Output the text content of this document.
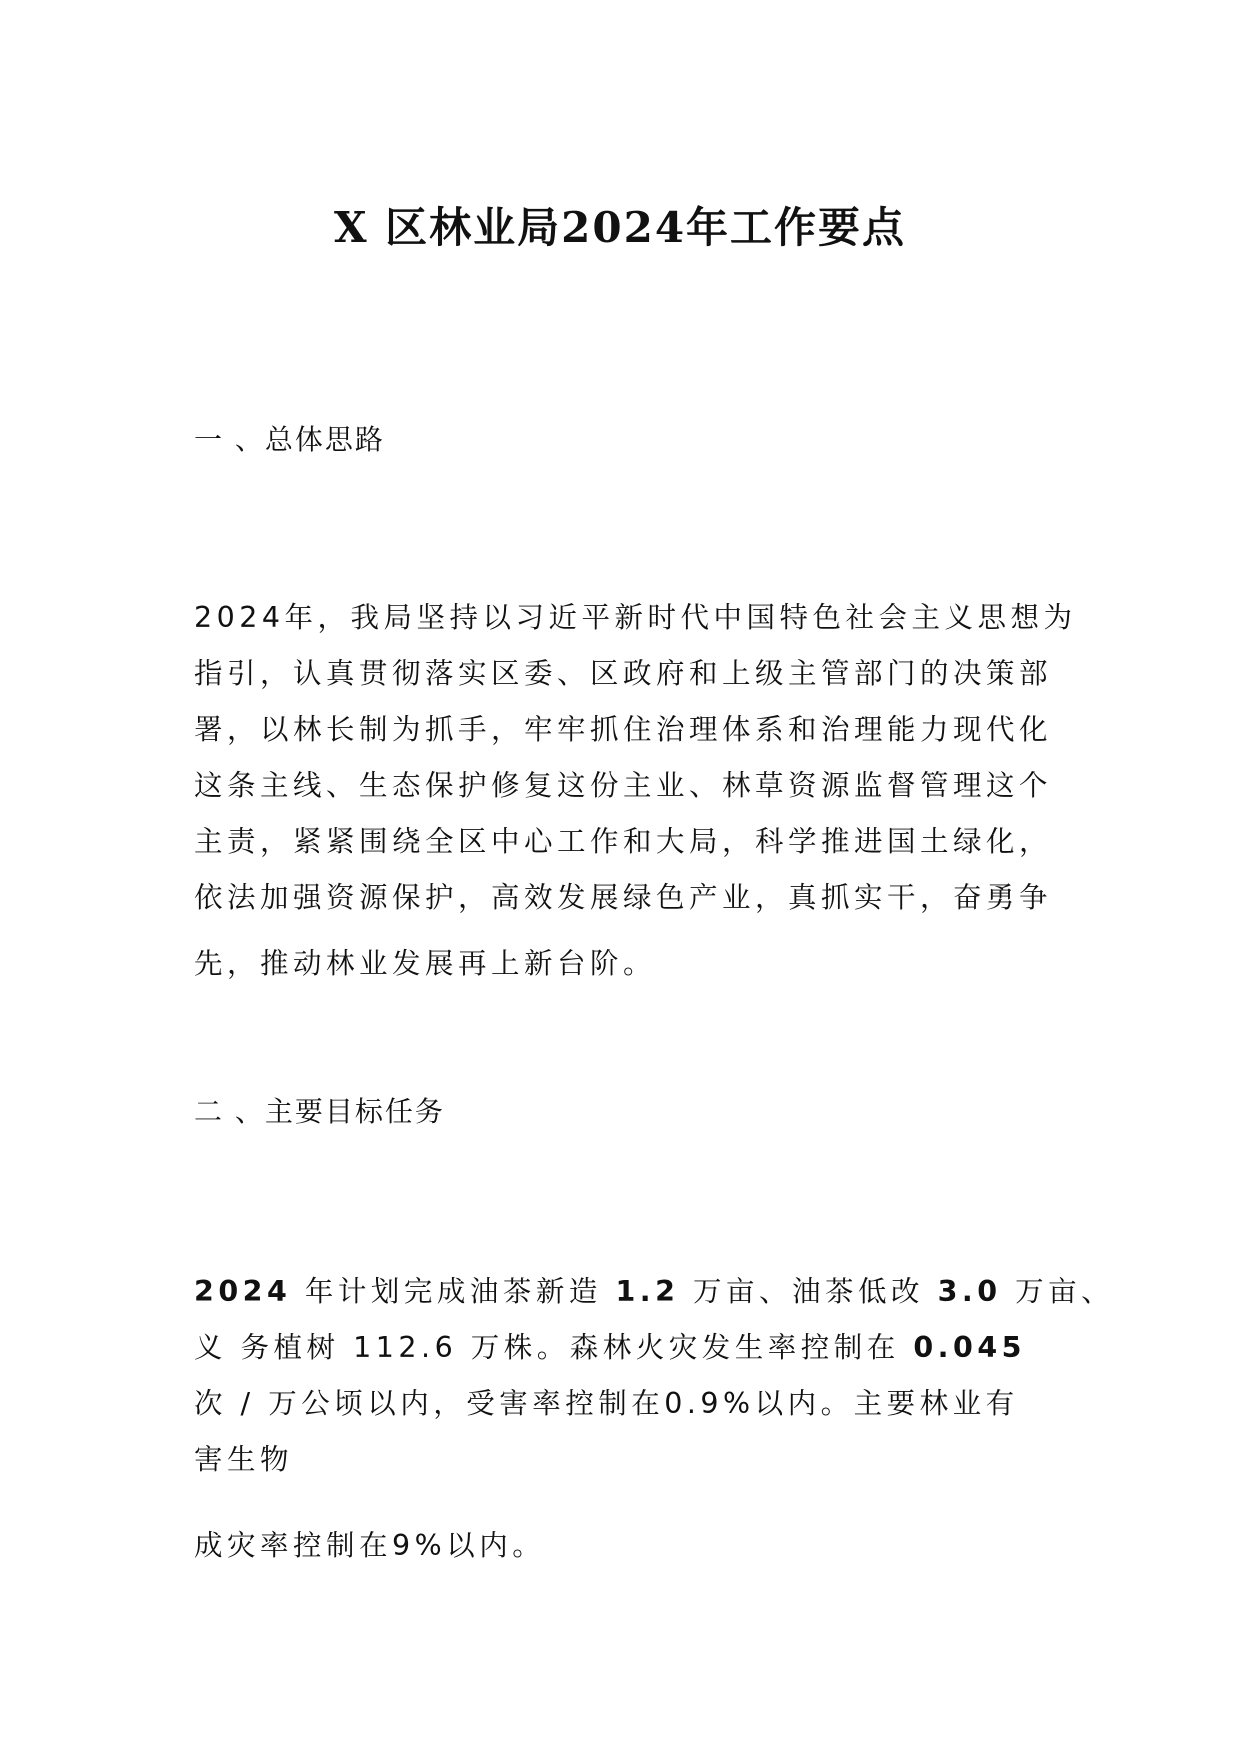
X 区林业局2024年工作要点
一 、总体思路
2024年，我局坚持以习近平新时代中国特色社会主义思想为
指引，认真贯彻落实区委、区政府和上级主管部门的决策部
署，以林长制为抓手，牢牢抓住治理体系和治理能力现代化
这条主线、生态保护修复这份主业、林草资源监督管理这个
主责，紧紧围绕全区中心工作和大局，科学推进国土绿化，
依法加强资源保护，高效发展绿色产业，真抓实干，奋勇争
先，推动林业发展再上新台阶。
二 、主要目标任务
2024 年计划完成油茶新造 1.2 万亩、油茶低改 3.0 万亩、
义 务植树 112.6 万株。森林火灾发生率控制在 0.045
次 / 万公顷以内，受害率控制在0.9%以内。主要林业有
害生物
成灾率控制在9%以内。
